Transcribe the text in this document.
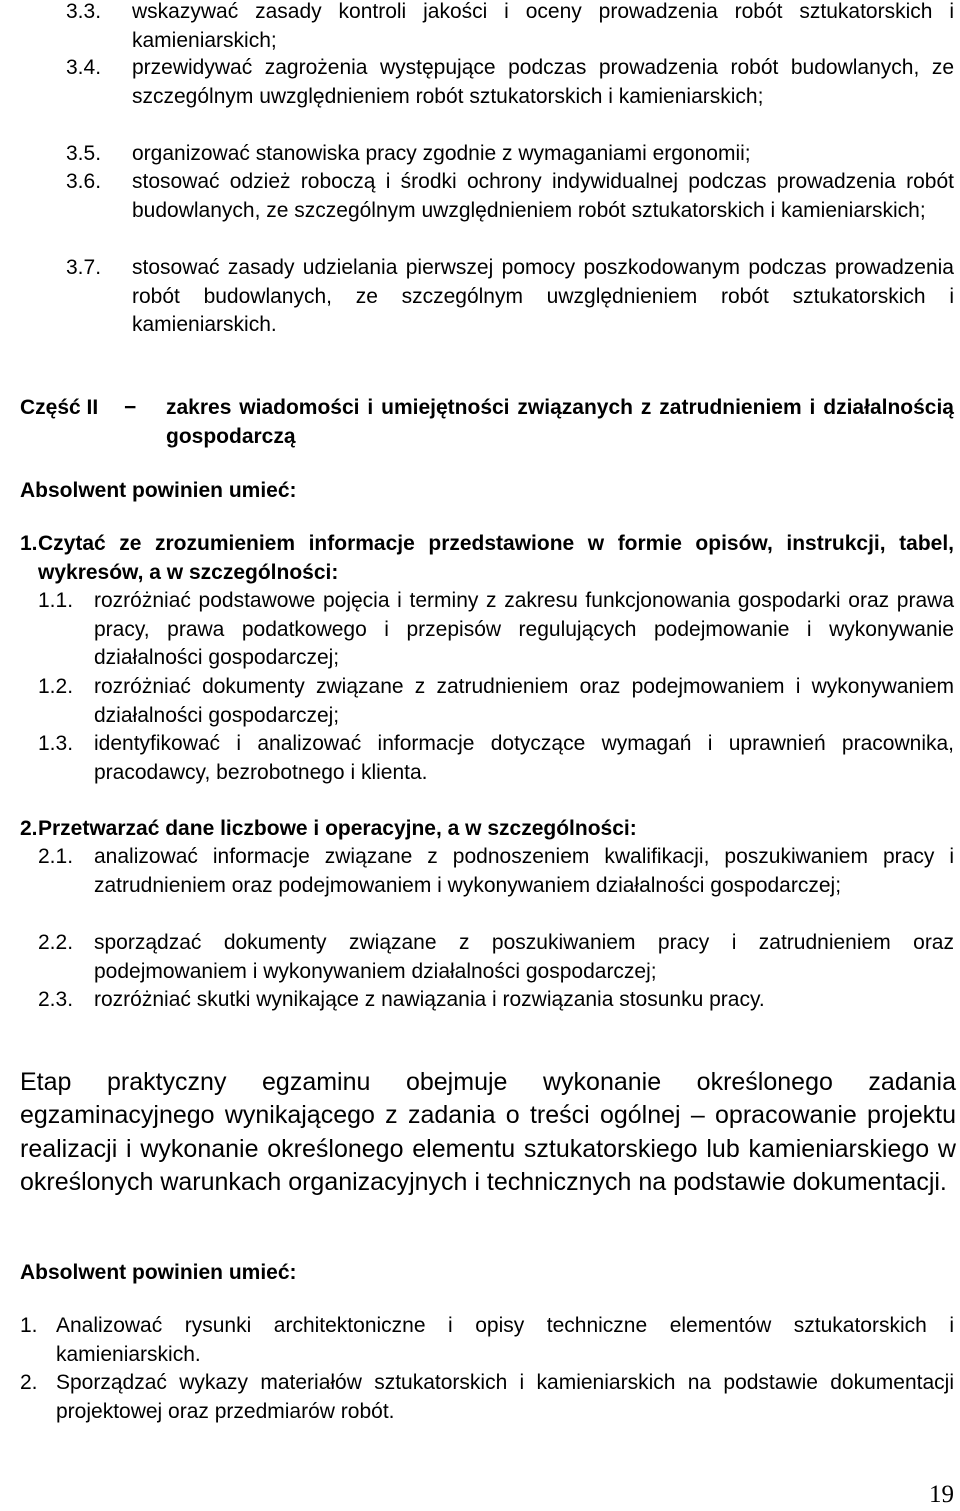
3.3. wskazywać zasady kontroli jakości i oceny prowadzenia robót sztukatorskich i kamieniarskich;
3.4. przewidywać zagrożenia występujące podczas prowadzenia robót budowlanych, ze szczególnym uwzględnieniem robót sztukatorskich i kamieniarskich;
3.5. organizować stanowiska pracy zgodnie z wymaganiami ergonomii;
3.6. stosować odzież roboczą i środki ochrony indywidualnej podczas prowadzenia robót budowlanych, ze szczególnym uwzględnieniem robót sztukatorskich i kamieniarskich;
3.7. stosować zasady udzielania pierwszej pomocy poszkodowanym podczas prowadzenia robót budowlanych, ze szczególnym uwzględnieniem robót sztukatorskich i kamieniarskich.
Część II − zakres wiadomości i umiejętności związanych z zatrudnieniem i działalnością gospodarczą
Absolwent powinien umieć:
1. Czytać ze zrozumieniem informacje przedstawione w formie opisów, instrukcji, tabel, wykresów, a w szczególności:
1.1. rozróżniać podstawowe pojęcia i terminy z zakresu funkcjonowania gospodarki oraz prawa pracy, prawa podatkowego i przepisów regulujących podejmowanie i wykonywanie działalności gospodarczej;
1.2. rozróżniać dokumenty związane z zatrudnieniem oraz podejmowaniem i wykonywaniem działalności gospodarczej;
1.3. identyfikować i analizować informacje dotyczące wymagań i uprawnień pracownika, pracodawcy, bezrobotnego i klienta.
2. Przetwarzać dane liczbowe i operacyjne, a w szczególności:
2.1. analizować informacje związane z podnoszeniem kwalifikacji, poszukiwaniem pracy i zatrudnieniem oraz podejmowaniem i wykonywaniem działalności gospodarczej;
2.2. sporządzać dokumenty związane z poszukiwaniem pracy i zatrudnieniem oraz podejmowaniem i wykonywaniem działalności gospodarczej;
2.3. rozróżniać skutki wynikające z nawiązania i rozwiązania stosunku pracy.
Etap praktyczny egzaminu obejmuje wykonanie określonego zadania egzaminacyjnego wynikającego z zadania o treści ogólnej – opracowanie projektu realizacji i wykonanie określonego elementu sztukatorskiego lub kamieniarskiego w określonych warunkach organizacyjnych i technicznych na podstawie dokumentacji.
Absolwent powinien umieć:
1. Analizować rysunki architektoniczne i opisy techniczne elementów sztukatorskich i kamieniarskich.
2. Sporządzać wykazy materiałów sztukatorskich i kamieniarskich na podstawie dokumentacji projektowej oraz przedmiarów robót.
19
